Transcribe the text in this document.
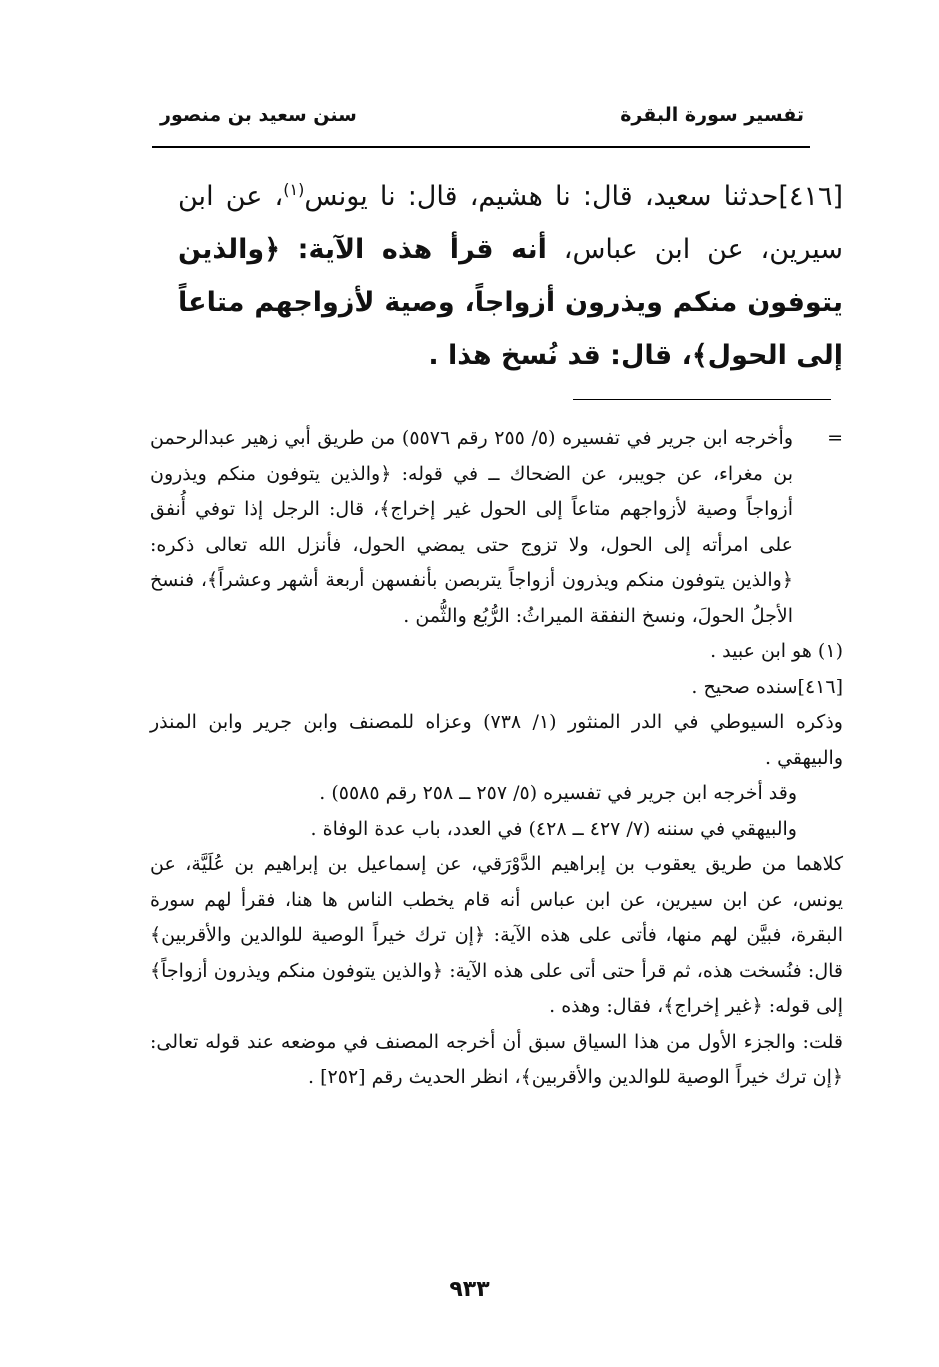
تفسير سورة البقرة
سنن سعيد بن منصور
[٤١٦]حدثنا سعيد، قال: نا هشيم، قال: نا يونس$^{(١)}$، عن ابن سيرين، عن ابن عباس، أنه قرأ هذه الآية: ﴿والذين يتوفون منكم ويذرون أزواجاً، وصية لأزواجهم متاعاً إلى الحول﴾، قال: قد نُسخ هذا .

=
وأخرجه ابن جرير في تفسيره (٥/ ٢٥٥ رقم ٥٥٧٦) من طريق أبي زهير عبدالرحمن بن مغراء، عن جويبر، عن الضحاك ــ في قوله: ﴿والذين يتوفون منكم ويذرون أزواجاً وصية لأزواجهم متاعاً إلى الحول غير إخراج﴾، قال: الرجل إذا توفي أُنفق على امرأته إلى الحول، ولا تزوج حتى يمضي الحول، فأنزل الله تعالى ذكره: ﴿والذين يتوفون منكم ويذرون أزواجاً يتربصن بأنفسهن أربعة أشهر وعشراً﴾، فنسخ الأجلُ الحولَ، ونسخ النفقة الميراثُ: الرُّبُع والثُّمن .

(١) هو ابن عبيد .

[٤١٦]سنده صحيح .

وذكره السيوطي في الدر المنثور (١/ ٧٣٨) وعزاه للمصنف وابن جرير وابن المنذر والبيهقي .

وقد أخرجه ابن جرير في تفسيره (٥/ ٢٥٧ ــ ٢٥٨ رقم ٥٥٨٥) .

والبيهقي في سننه (٧/ ٤٢٧ ــ ٤٢٨) في العدد، باب عدة الوفاة .

كلاهما من طريق يعقوب بن إبراهيم الدَّوْرَقي، عن إسماعيل بن إبراهيم بن عُلَيَّة، عن يونس، عن ابن سيرين، عن ابن عباس أنه قام يخطب الناس ها هنا، فقرأ لهم سورة البقرة، فبيَّن لهم منها، فأتى على هذه الآية: ﴿إن ترك خيراً الوصية للوالدين والأقربين﴾ قال: فنُسخت هذه، ثم قرأ حتى أتى على هذه الآية: ﴿والذين يتوفون منكم ويذرون أزواجاً﴾ إلى قوله: ﴿غير إخراج﴾، فقال: وهذه .

قلت: والجزء الأول من هذا السياق سبق أن أخرجه المصنف في موضعه عند قوله تعالى: ﴿إن ترك خيراً الوصية للوالدين والأقربين﴾، انظر الحديث رقم [٢٥٢] .

٩٣٣
